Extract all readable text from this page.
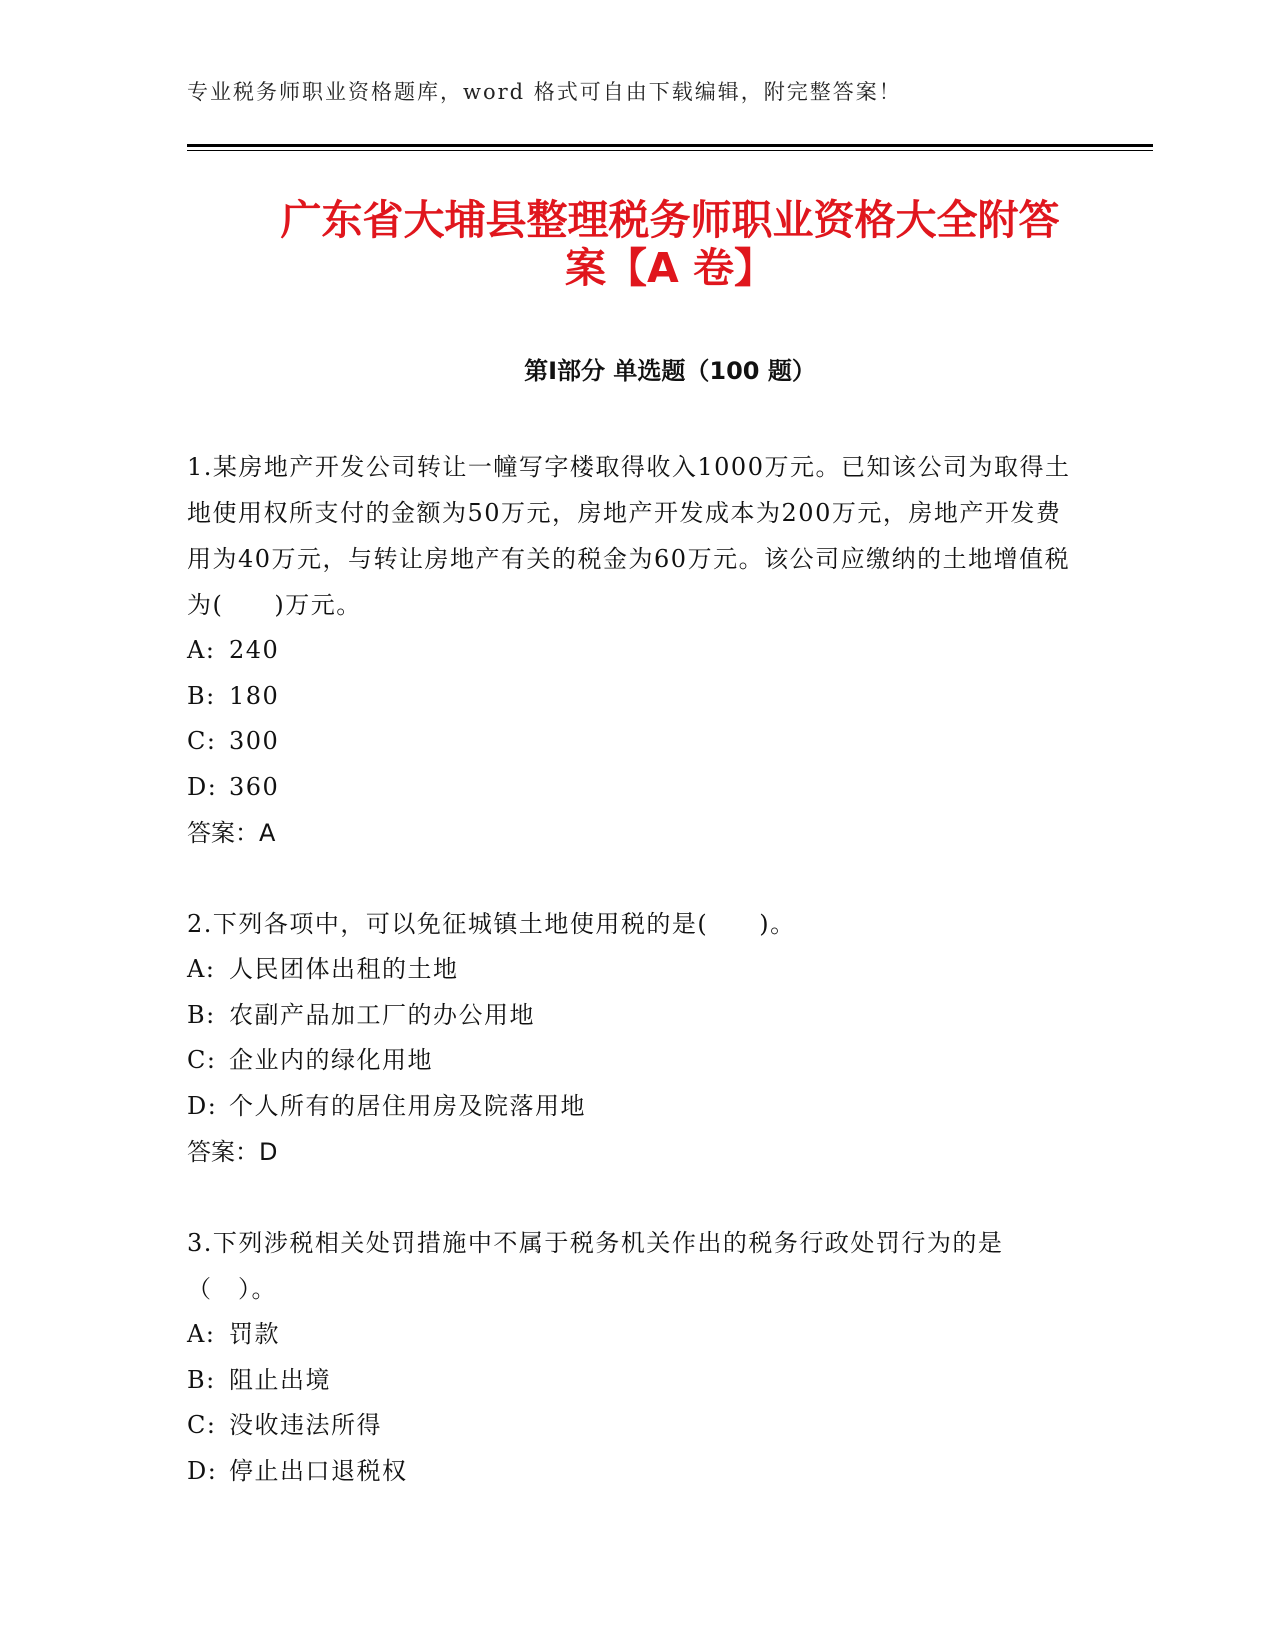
专业税务师职业资格题库，word 格式可自由下载编辑，附完整答案！
广东省大埔县整理税务师职业资格大全附答
案【A 卷】
第Ⅰ部分 单选题（100 题）

1.某房地产开发公司转让一幢写字楼取得收入1000万元。已知该公司为取得土地使用权所支付的金额为50万元，房地产开发成本为200万元，房地产开发费用为40万元，与转让房地产有关的税金为60万元。该公司应缴纳的土地增值税为(　　)万元。

A: 240

B: 180

C: 300

D: 360

答案：A

2.下列各项中，可以免征城镇土地使用税的是(　　)。

A: 人民团体出租的土地

B: 农副产品加工厂的办公用地

C: 企业内的绿化用地

D: 个人所有的居住用房及院落用地

答案：D

3.下列涉税相关处罚措施中不属于税务机关作出的税务行政处罚行为的是（　）。

A: 罚款

B: 阻止出境

C: 没收违法所得

D: 停止出口退税权
